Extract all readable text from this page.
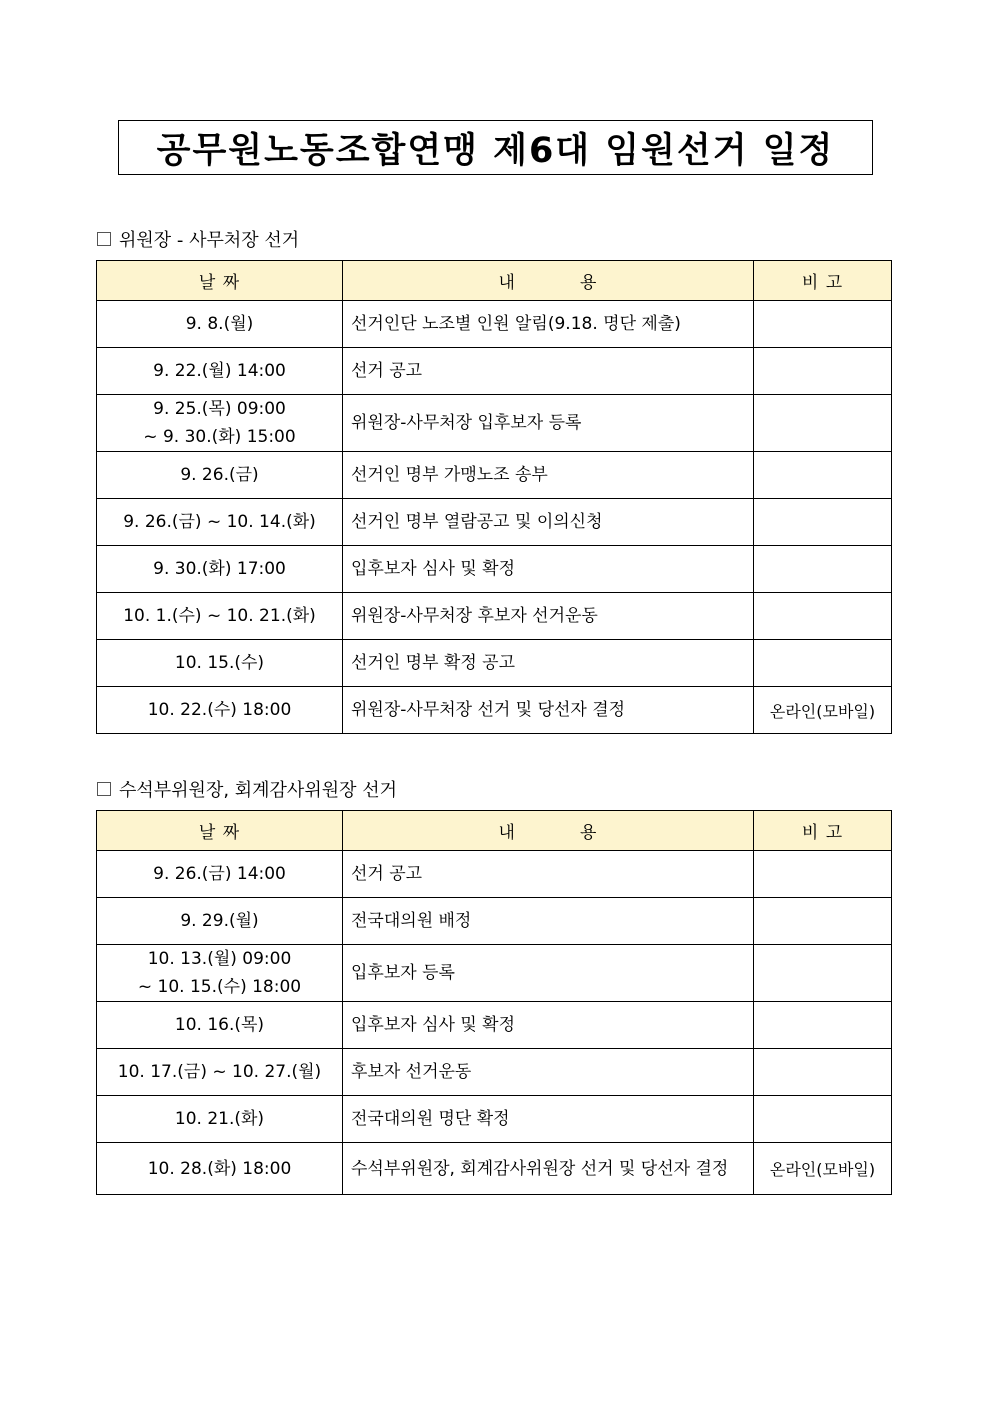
공무원노동조합연맹 제6대 임원선거 일정
위원장 - 사무처장 선거
날 짜	내          용	비 고
9. 8.(월)	선거인단 노조별 인원 알림(9.18. 명단 제출)	
9. 22.(월) 14:00	선거 공고	
9. 25.(목) 09:00
~ 9. 30.(화) 15:00	위원장-사무처장 입후보자 등록	
9. 26.(금)	선거인 명부 가맹노조 송부	
9. 26.(금) ~ 10. 14.(화)	선거인 명부 열람공고 및 이의신청	
9. 30.(화) 17:00	입후보자 심사 및 확정	
10. 1.(수) ~ 10. 21.(화)	위원장-사무처장 후보자 선거운동	
10. 15.(수)	선거인 명부 확정 공고	
10. 22.(수) 18:00	위원장-사무처장 선거 및 당선자 결정	온라인(모바일)
수석부위원장, 회계감사위원장 선거
날 짜	내          용	비 고
9. 26.(금) 14:00	선거 공고	
9. 29.(월)	전국대의원 배정	
10. 13.(월) 09:00
~ 10. 15.(수) 18:00	입후보자 등록	
10. 16.(목)	입후보자 심사 및 확정	
10. 17.(금) ~ 10. 27.(월)	후보자 선거운동	
10. 21.(화)	전국대의원 명단 확정	
10. 28.(화) 18:00	수석부위원장, 회계감사위원장 선거 및 당선자 결정	온라인(모바일)
